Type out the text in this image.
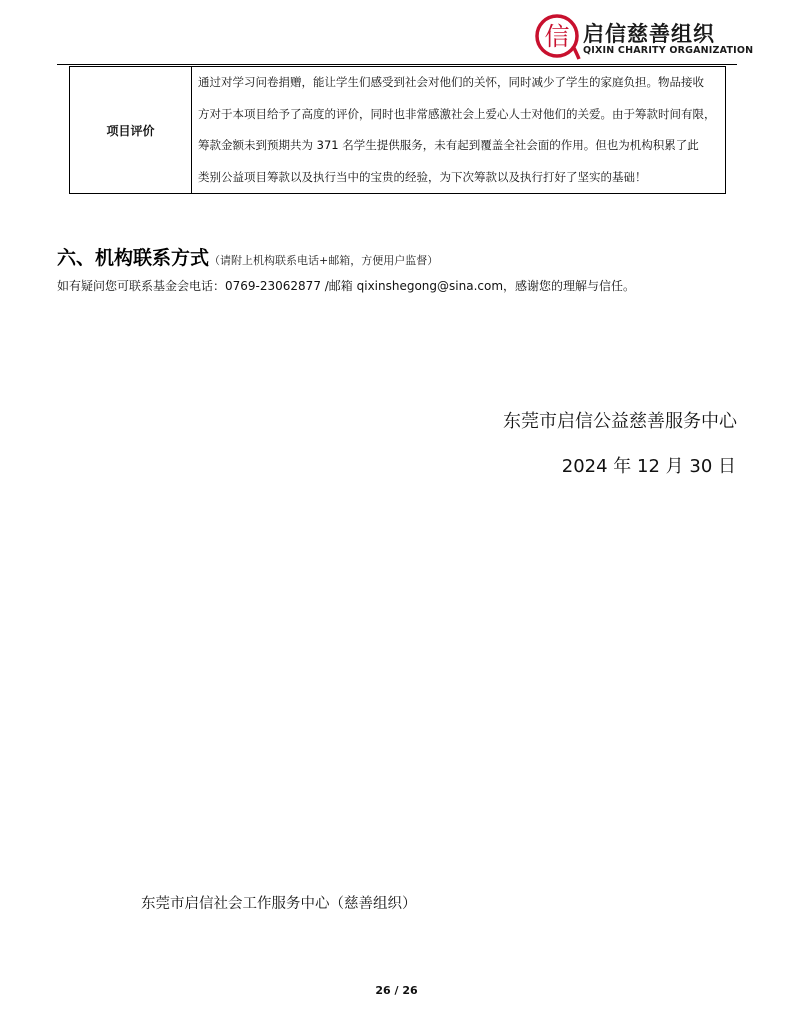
信 启信慈善组织
QIXIN CHARITY ORGANIZATION
项目评价	
通过对学习问卷捐赠，能让学生们感受到社会对他们的关怀，同时减少了学生的家庭负担。物品接收
方对于本项目给予了高度的评价，同时也非常感激社会上爱心人士对他们的关爱。由于筹款时间有限，
筹款金额未到预期共为 371 名学生提供服务，未有起到覆盖全社会面的作用。但也为机构积累了此
类别公益项目筹款以及执行当中的宝贵的经验，为下次筹款以及执行打好了坚实的基础！
六、机构联系方式（请附上机构联系电话+邮箱，方便用户监督）
如有疑问您可联系基金会电话：0769-23062877 /邮箱 qixinshegong@sina.com，感谢您的理解与信任。
东莞市启信公益慈善服务中心
2024 年 12 月 30 日
东莞市启信社会工作服务中心（慈善组织）
26 / 26
